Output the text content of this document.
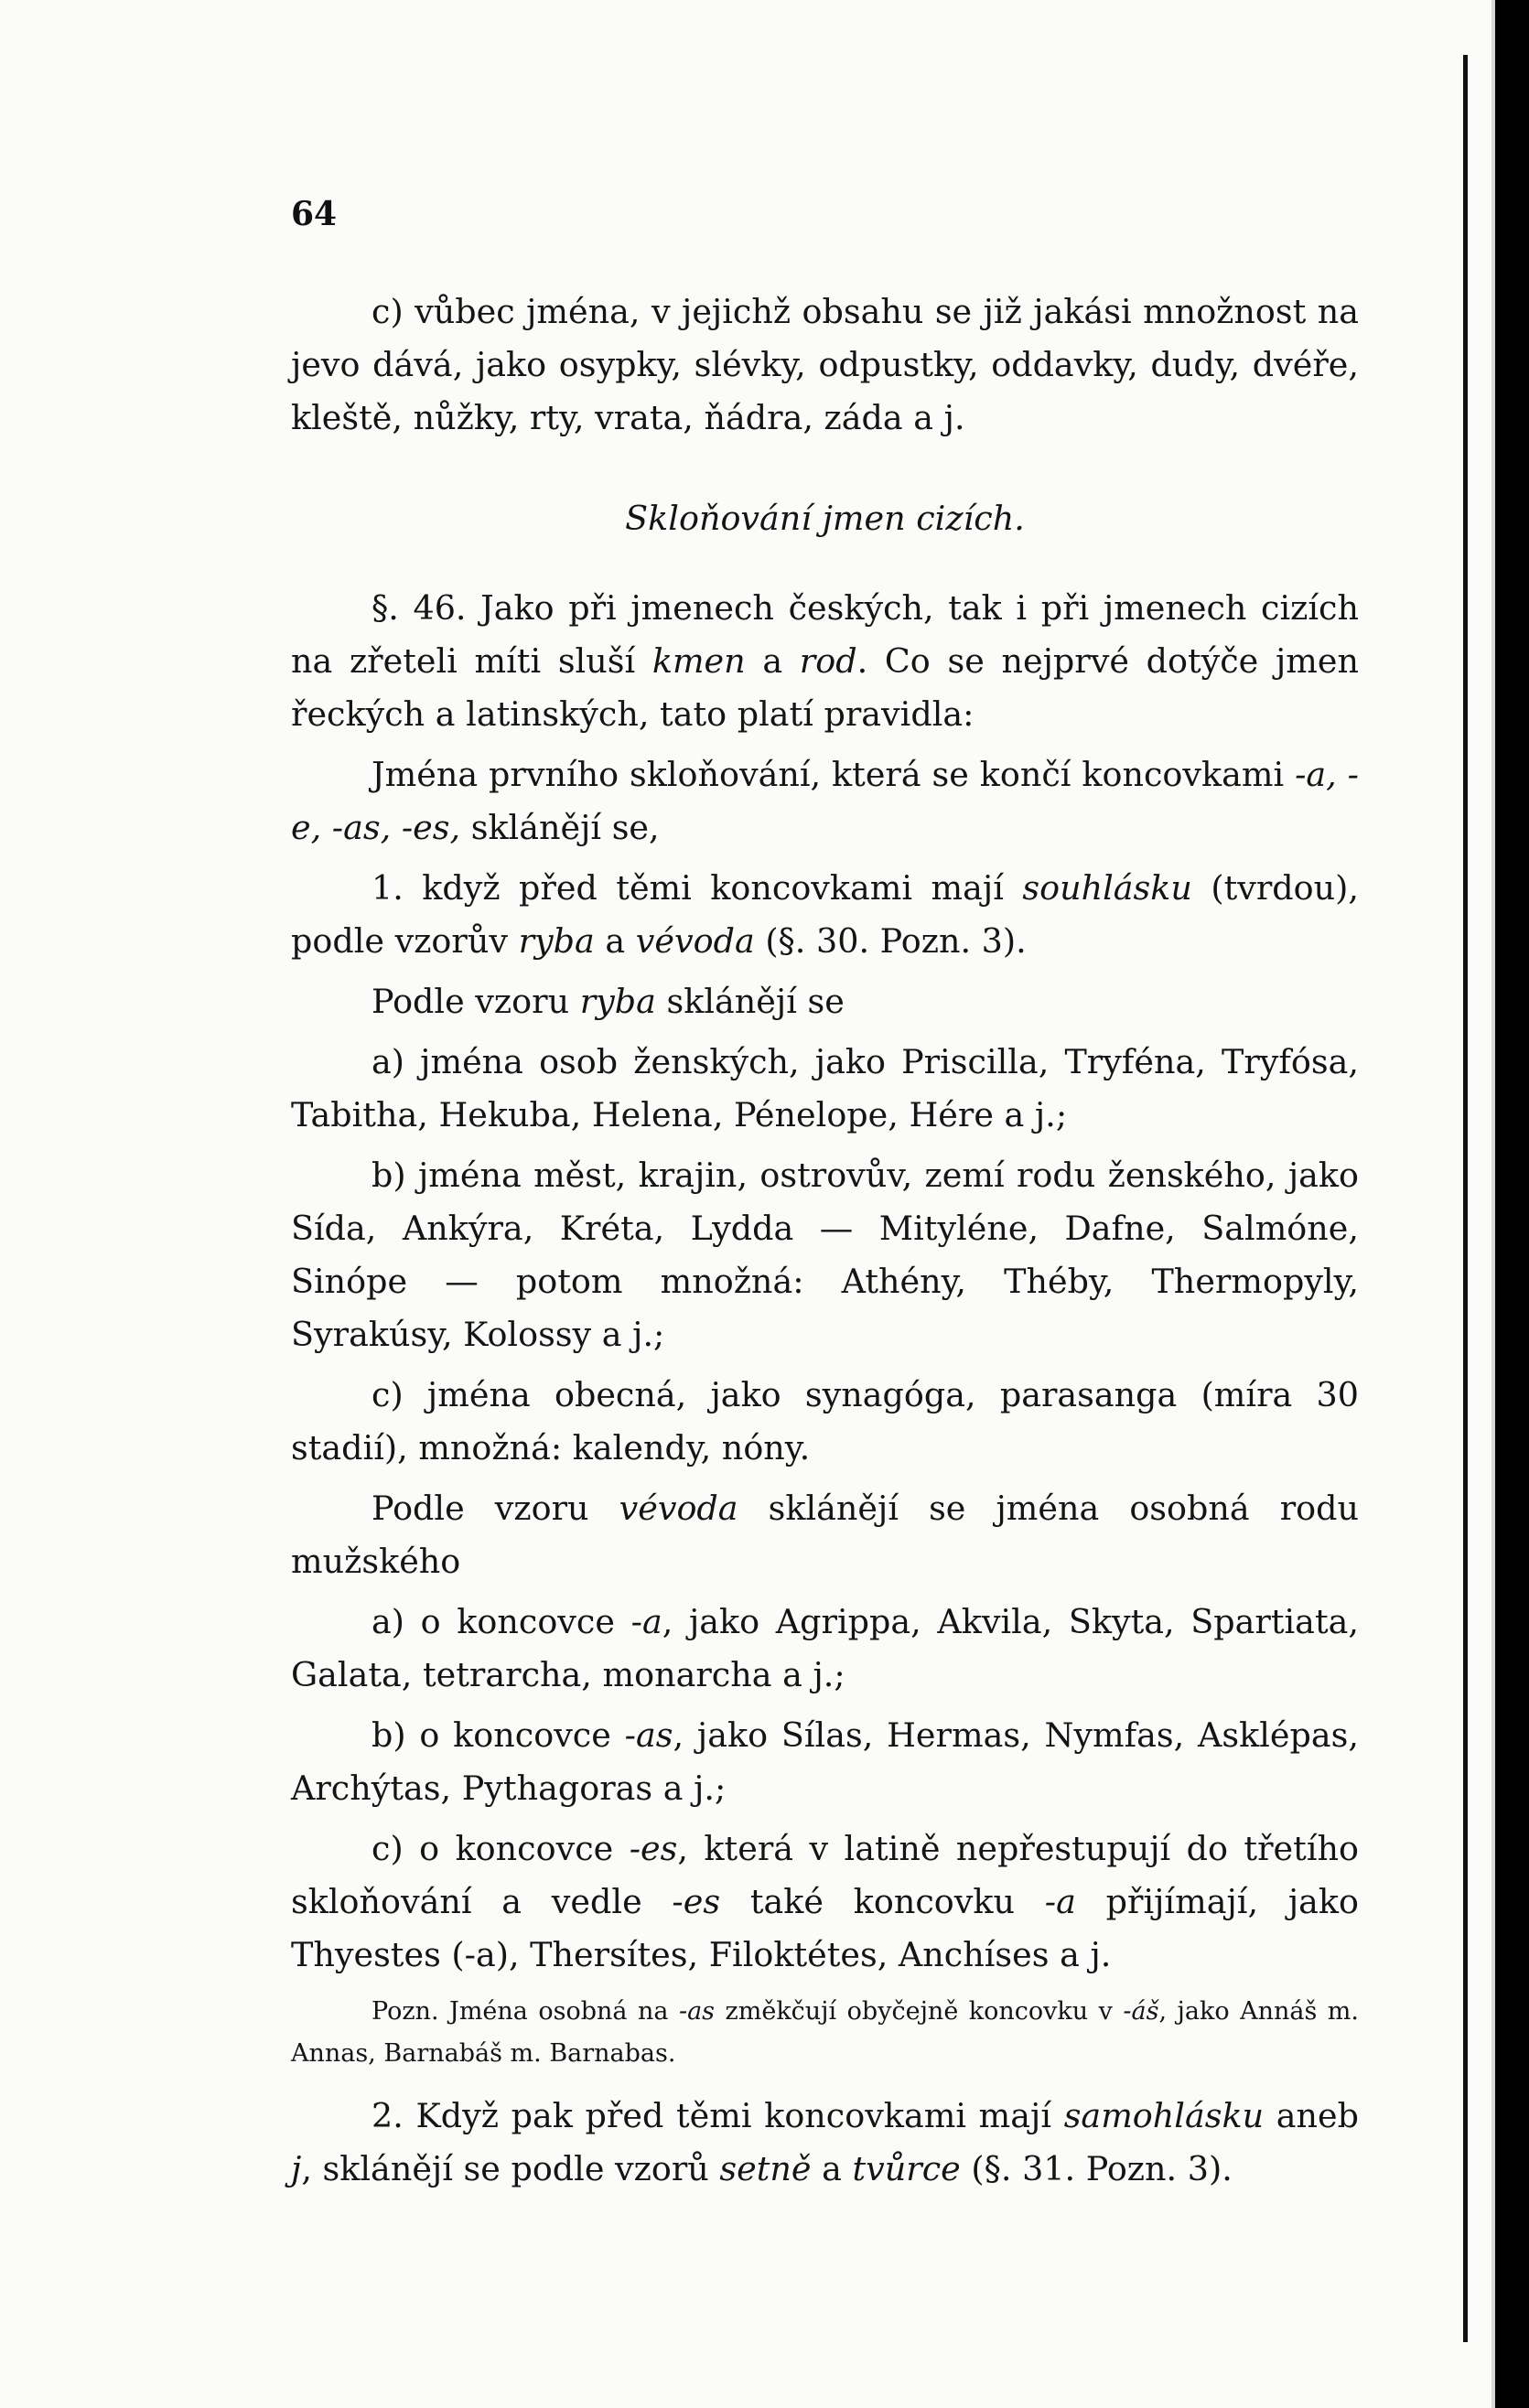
64

c) vůbec jména, v jejichž obsahu se již jakási množnost na jevo dává, jako osypky, slévky, odpustky, oddavky, dudy, dvéře, kleště, nůžky, rty, vrata, ňádra, záda a j.

Skloňování jmen cizích.

§. 46. Jako při jmenech českých, tak i při jmenech cizích na zřeteli míti sluší kmen a rod. Co se nejprvé dotýče jmen řeckých a latinských, tato platí pravidla:

Jména prvního skloňování, která se končí koncovkami -a, -e, -as, -es, sklánějí se,

1. když před těmi koncovkami mají souhlásku (tvrdou), podle vzorův ryba a vévoda (§. 30. Pozn. 3).

Podle vzoru ryba sklánějí se

a) jména osob ženských, jako Priscilla, Tryféna, Tryfósa, Tabitha, Hekuba, Helena, Pénelope, Hére a j.;

b) jména měst, krajin, ostrovův, zemí rodu ženského, jako Sída, Ankýra, Kréta, Lydda — Mityléne, Dafne, Salmóne, Sinópe — potom množná: Athény, Théby, Thermopyly, Syrakúsy, Kolossy a j.;

c) jména obecná, jako synagóga, parasanga (míra 30 stadií), množná: kalendy, nóny.

Podle vzoru vévoda sklánějí se jména osobná rodu mužského

a) o koncovce -a, jako Agrippa, Akvila, Skyta, Spartiata, Galata, tetrarcha, monarcha a j.;

b) o koncovce -as, jako Sílas, Hermas, Nymfas, Asklépas, Archýtas, Pythagoras a j.;

c) o koncovce -es, která v latině nepřestupují do třetího skloňování a vedle -es také koncovku -a přijímají, jako Thyestes (-a), Thersítes, Filoktétes, Anchíses a j.

Pozn. Jména osobná na -as změkčují obyčejně koncovku v -áš, jako Annáš m. Annas, Barnabáš m. Barnabas.

2. Když pak před těmi koncovkami mají samohlásku aneb j, sklánějí se podle vzorů setně a tvůrce (§. 31. Pozn. 3).
